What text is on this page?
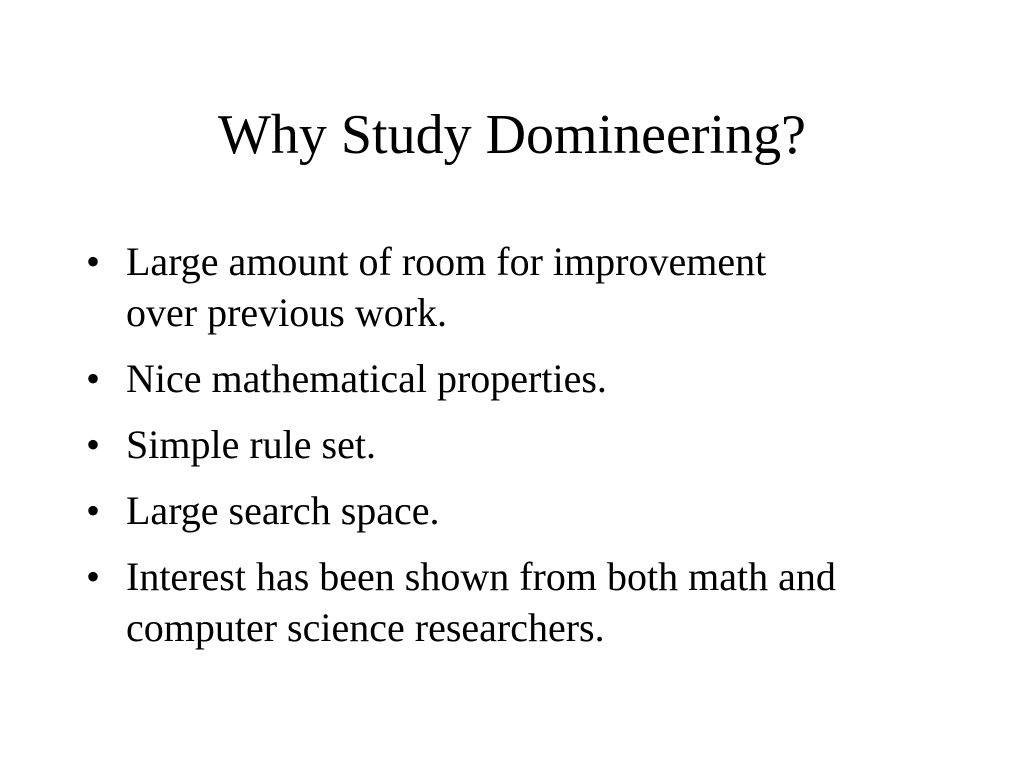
Why Study Domineering?
• Large amount of room for improvement
over previous work.
• Nice mathematical properties.
• Simple rule set.
• Large search space.
• Interest has been shown from both math and
computer science researchers.
